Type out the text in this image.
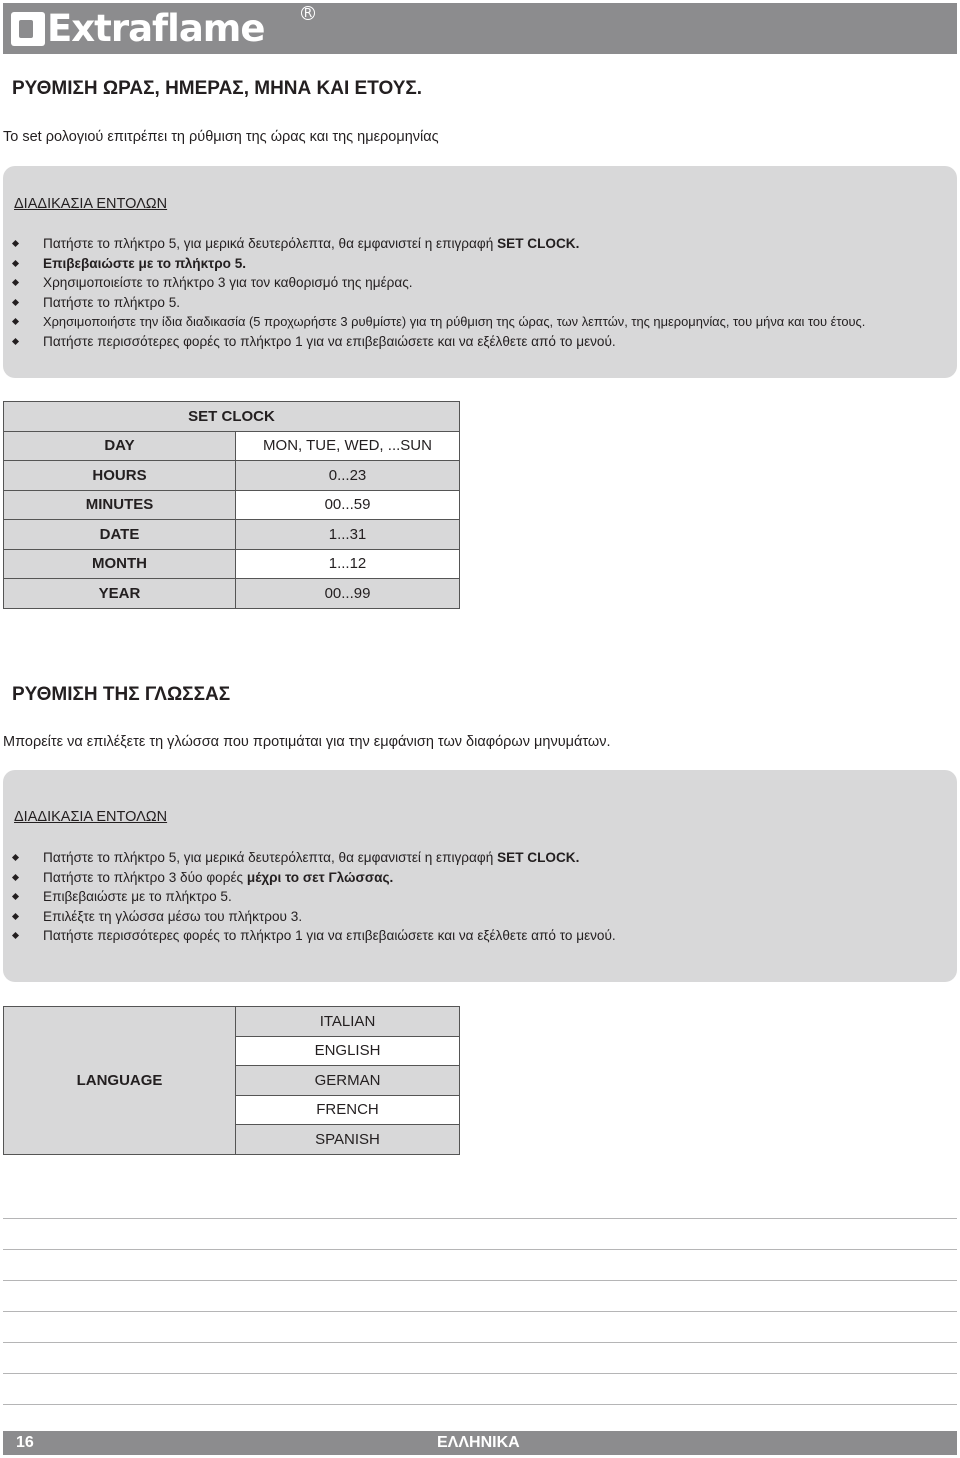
Extraflame	R
ΡΥΘΜΙΣΗ ΩΡΑΣ, ΗΜΕΡΑΣ, ΜΗΝΑ ΚΑΙ ΕΤΟΥΣ.
Το set ρολογιού επιτρέπει τη ρύθμιση της ώρας και της ημερομηνίας
ΔΙΑΔΙΚΑΣΙΑ ΕΝΤΟΛΩΝ
Πατήστε το πλήκτρο 5, για μερικά δευτερόλεπτα, θα εμφανιστεί η επιγραφή SET CLOCK.
Επιβεβαιώστε με το πλήκτρο 5.
Χρησιμοποιείστε το πλήκτρο 3 για τον καθορισμό της ημέρας.
Πατήστε το πλήκτρο 5.
Χρησιμοποιήστε την ίδια διαδικασία (5 προχωρήστε 3 ρυθμίστε) για τη ρύθμιση της ώρας, των λεπτών, της ημερομηνίας, του μήνα και του έτους.
Πατήστε περισσότερες φορές το πλήκτρο 1 για να επιβεβαιώσετε και να εξέλθετε από το μενού.
SET CLOCK	
DAY	MON, TUE, WED, ...SUN
HOURS	0...23
MINUTES	00...59
DATE	1...31
MONTH	1...12
YEAR	00...99
ΡΥΘΜΙΣΗ ΤΗΣ ΓΛΩΣΣΑΣ
Μπορείτε να επιλέξετε τη γλώσσα που προτιμάται για την εμφάνιση των διαφόρων μηνυμάτων.
ΔΙΑΔΙΚΑΣΙΑ ΕΝΤΟΛΩΝ
Πατήστε το πλήκτρο 5, για μερικά δευτερόλεπτα, θα εμφανιστεί η επιγραφή SET CLOCK.
Πατήστε το πλήκτρο 3 δύο φορές μέχρι το σετ Γλώσσας.
Επιβεβαιώστε με το πλήκτρο 5.
Επιλέξτε τη γλώσσα μέσω του πλήκτρου 3.
Πατήστε περισσότερες φορές το πλήκτρο 1 για να επιβεβαιώσετε και να εξέλθετε από το μενού.
LANGUAGE	ITALIAN
ENGLISH
GERMAN
FRENCH
SPANISH
16	ΕΛΛΗΝΙΚΑ
